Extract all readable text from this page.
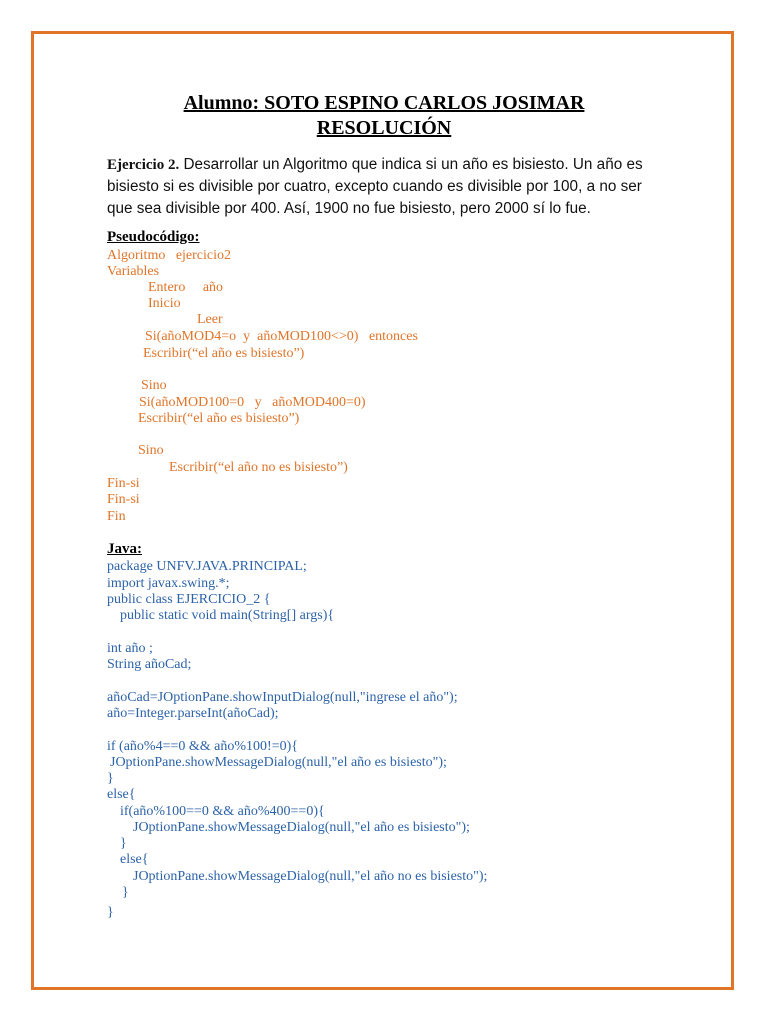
Alumno: SOTO ESPINO CARLOS JOSIMAR
RESOLUCIÓN
Ejercicio 2. Desarrollar un Algoritmo que indica si un año es bisiesto. Un año es bisiesto si es divisible por cuatro, excepto cuando es divisible por 100, a no ser que sea divisible por 400. Así, 1900 no fue bisiesto, pero 2000 sí lo fue.
Pseudocódigo:
Algoritmo   ejercicio2
Variables
Entero     año
Inicio
Leer
Si(añoMOD4=o  y  añoMOD100<>0)   entonces
Escribir(“el año es bisiesto”)
Sino
Si(añoMOD100=0   y   añoMOD400=0)
Escribir(“el año es bisiesto”)
Sino
Escribir(“el año no es bisiesto”)
Fin-si
Fin-si
Fin
Java:
package UNFV.JAVA.PRINCIPAL;
import javax.swing.*;
public class EJERCICIO_2 {
public static void main(String[] args){
int año ;
String añoCad;
añoCad=JOptionPane.showInputDialog(null,"ingrese el año");
año=Integer.parseInt(añoCad);
if (año%4==0 && año%100!=0){
JOptionPane.showMessageDialog(null,"el año es bisiesto");
}
else{
if(año%100==0 && año%400==0){
JOptionPane.showMessageDialog(null,"el año es bisiesto");
}
else{
JOptionPane.showMessageDialog(null,"el año no es bisiesto");
}
}
